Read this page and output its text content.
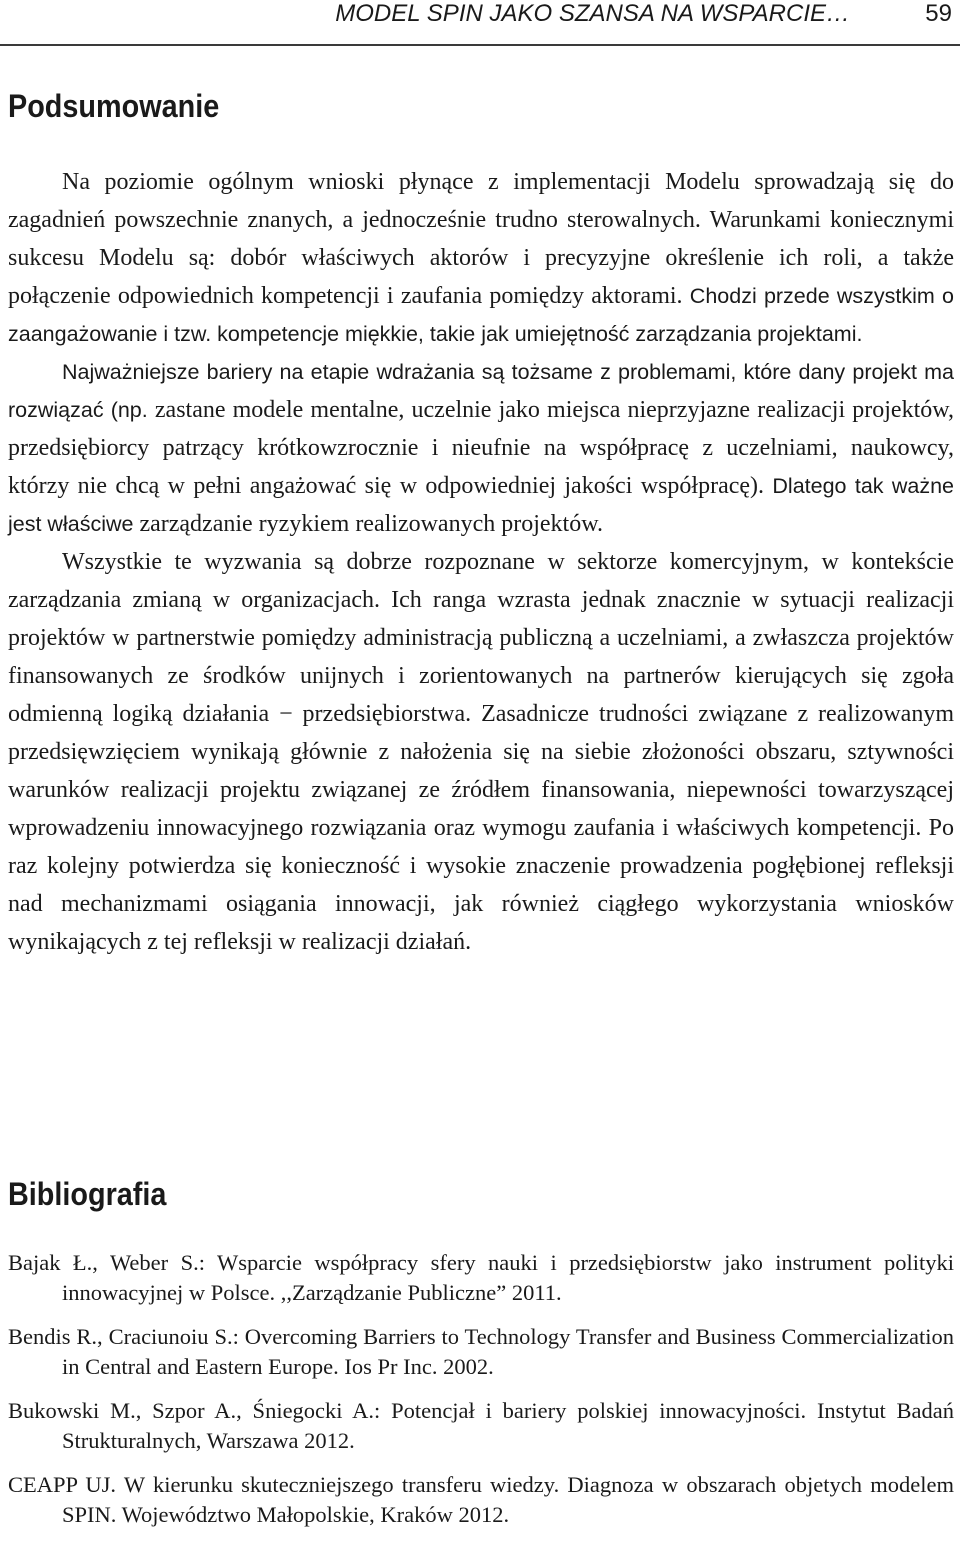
MODEL SPIN JAKO SZANSA NA WSPARCIE…	59
Podsumowanie

Na poziomie ogólnym wnioski płynące z implementacji Modelu sprowadzają się do zagadnień powszechnie znanych, a jednocześnie trudno sterowalnych. Warunkami koniecznymi sukcesu Modelu są: dobór właściwych aktorów i precyzyjne określenie ich roli, a także połączenie odpowiednich kompetencji i zaufania pomiędzy aktorami. Chodzi przede wszystkim o zaangażowanie i tzw. kompetencje miękkie, takie jak umiejętność zarządzania projektami.

Najważniejsze bariery na etapie wdrażania są tożsame z problemami, które dany projekt ma rozwiązać (np. zastane modele mentalne, uczelnie jako miejsca nieprzyjazne realizacji projektów, przedsiębiorcy patrzący krótkowzrocznie i nieufnie na współpracę z uczelniami, naukowcy, którzy nie chcą w pełni angażować się w odpowiedniej jakości współpracę). Dlatego tak ważne jest właściwe zarządzanie ryzykiem realizowanych projektów.

Wszystkie te wyzwania są dobrze rozpoznane w sektorze komercyjnym, w kontekście zarządzania zmianą w organizacjach. Ich ranga wzrasta jednak znacznie w sytuacji realizacji projektów w partnerstwie pomiędzy administracją publiczną a uczelniami, a zwłaszcza projektów finansowanych ze środków unijnych i zorientowanych na partnerów kierujących się zgoła odmienną logiką działania − przedsiębiorstwa. Zasadnicze trudności związane z realizowanym przedsięwzięciem wynikają głównie z nałożenia się na siebie złożoności obszaru, sztywności warunków realizacji projektu związanej ze źródłem finansowania, niepewności towarzyszącej wprowadzeniu innowacyjnego rozwiązania oraz wymogu zaufania i właściwych kompetencji. Po raz kolejny potwierdza się konieczność i wysokie znaczenie prowadzenia pogłębionej refleksji nad mechanizmami osiągania innowacji, jak również ciągłego wykorzystania wniosków wynikających z tej refleksji w realizacji działań.

Bibliografia

Bajak Ł., Weber S.: Wsparcie współpracy sfery nauki i przedsiębiorstw jako instrument polityki innowacyjnej w Polsce. ,,Zarządzanie Publiczne” 2011.

Bendis R., Craciunoiu S.: Overcoming Barriers to Technology Transfer and Business Commercialization in Central and Eastern Europe. Ios Pr Inc. 2002.

Bukowski M., Szpor A., Śniegocki A.: Potencjał i bariery polskiej innowacyjności. Instytut Badań Strukturalnych, Warszawa 2012.

CEAPP UJ. W kierunku skuteczniejszego transferu wiedzy. Diagnoza w obszarach objetych modelem SPIN. Województwo Małopolskie, Kraków 2012.
